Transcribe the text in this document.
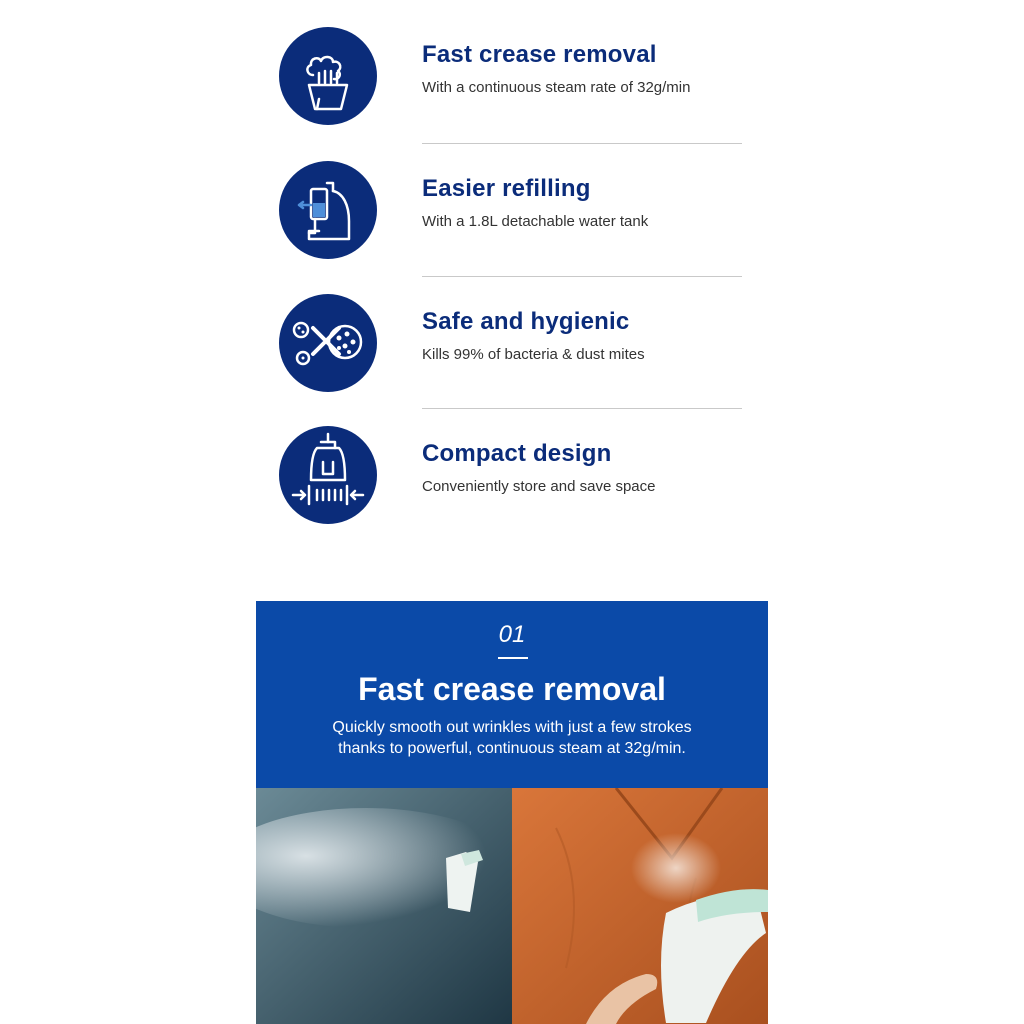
Fast crease removal
With a continuous steam rate of 32g/min
Easier refilling
With a 1.8L detachable water tank
Safe and hygienic
Kills 99% of bacteria & dust mites
Compact design
Conveniently store and save space
01
Fast crease removal
Quickly smooth out wrinkles with just a few strokes
thanks to powerful, continuous steam at 32g/min.
